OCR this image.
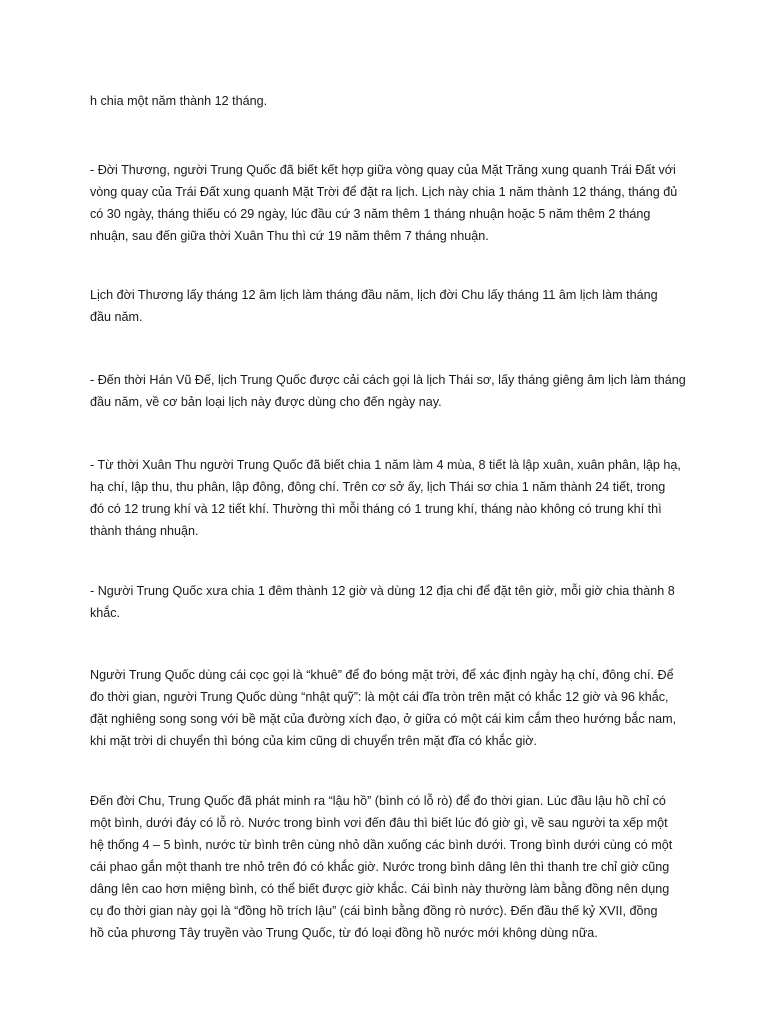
h chia một năm thành 12 tháng.

- Đời Thương, người Trung Quốc đã biết kết hợp giữa vòng quay của Mặt Trăng xung quanh Trái Đất với
vòng quay của Trái Đất xung quanh Mặt Trời để đặt ra lịch. Lịch này chia 1 năm thành 12 tháng, tháng đủ
có 30 ngày, tháng thiếu có 29 ngày, lúc đầu cứ 3 năm thêm 1 tháng nhuận hoặc 5 năm thêm 2 tháng
nhuận, sau đến giữa thời Xuân Thu thì cứ 19 năm thêm 7 tháng nhuận.

Lịch đời Thương lấy tháng 12 âm lịch làm tháng đầu năm, lịch đời Chu lấy tháng 11 âm lịch làm tháng
đầu năm.

- Đến thời Hán Vũ Đế, lịch Trung Quốc được cải cách gọi là lịch Thái sơ, lấy tháng giêng âm lịch làm tháng
đầu năm, về cơ bản loại lịch này được dùng cho đến ngày nay.

- Từ thời Xuân Thu người Trung Quốc đã biết chia 1 năm làm 4 mùa, 8 tiết là lập xuân, xuân phân, lập hạ,
hạ chí, lập thu, thu phân, lập đông, đông chí. Trên cơ sở ấy, lịch Thái sơ chia 1 năm thành 24 tiết, trong
đó có 12 trung khí và 12 tiết khí. Thường thì mỗi tháng có 1 trung khí, tháng nào không có trung khí thì
thành tháng nhuận.

- Người Trung Quốc xưa chia 1 đêm thành 12 giờ và dùng 12 địa chi để đặt tên giờ, mỗi giờ chia thành 8
khắc.

Người Trung Quốc dùng cái cọc gọi là “khuê” để đo bóng mặt trời, để xác định ngày hạ chí, đông chí. Để
đo thời gian, người Trung Quốc dùng “nhật quỹ”: là một cái đĩa tròn trên mặt có khắc 12 giờ và 96 khắc,
đặt nghiêng song song với bề mặt của đường xích đạo, ở giữa có một cái kim cắm theo hướng bắc nam,
khi mặt trời di chuyển thì bóng của kim cũng di chuyển trên mặt đĩa có khắc giờ.

Đến đời Chu, Trung Quốc đã phát minh ra “lậu hồ” (bình có lỗ rò) để đo thời gian. Lúc đầu lậu hồ chỉ có
một bình, dưới đáy có lỗ rò. Nước trong bình vơi đến đâu thì biết lúc đó giờ gì, về sau người ta xếp một
hệ thống 4 – 5 bình, nước từ bình trên cùng nhỏ dần xuống các bình dưới. Trong bình dưới cùng có một
cái phao gắn một thanh tre nhỏ trên đó có khắc giờ. Nước trong bình dâng lên thì thanh tre chỉ giờ cũng
dâng lên cao hơn miệng bình, có thể biết được giờ khắc. Cái bình này thường làm bằng đồng nên dụng
cụ đo thời gian này gọi là “đồng hồ trích lậu” (cái bình bằng đồng rò nước). Đến đầu thế kỷ XVII, đồng
hồ của phương Tây truyền vào Trung Quốc, từ đó loại đồng hồ nước mới không dùng nữa.
